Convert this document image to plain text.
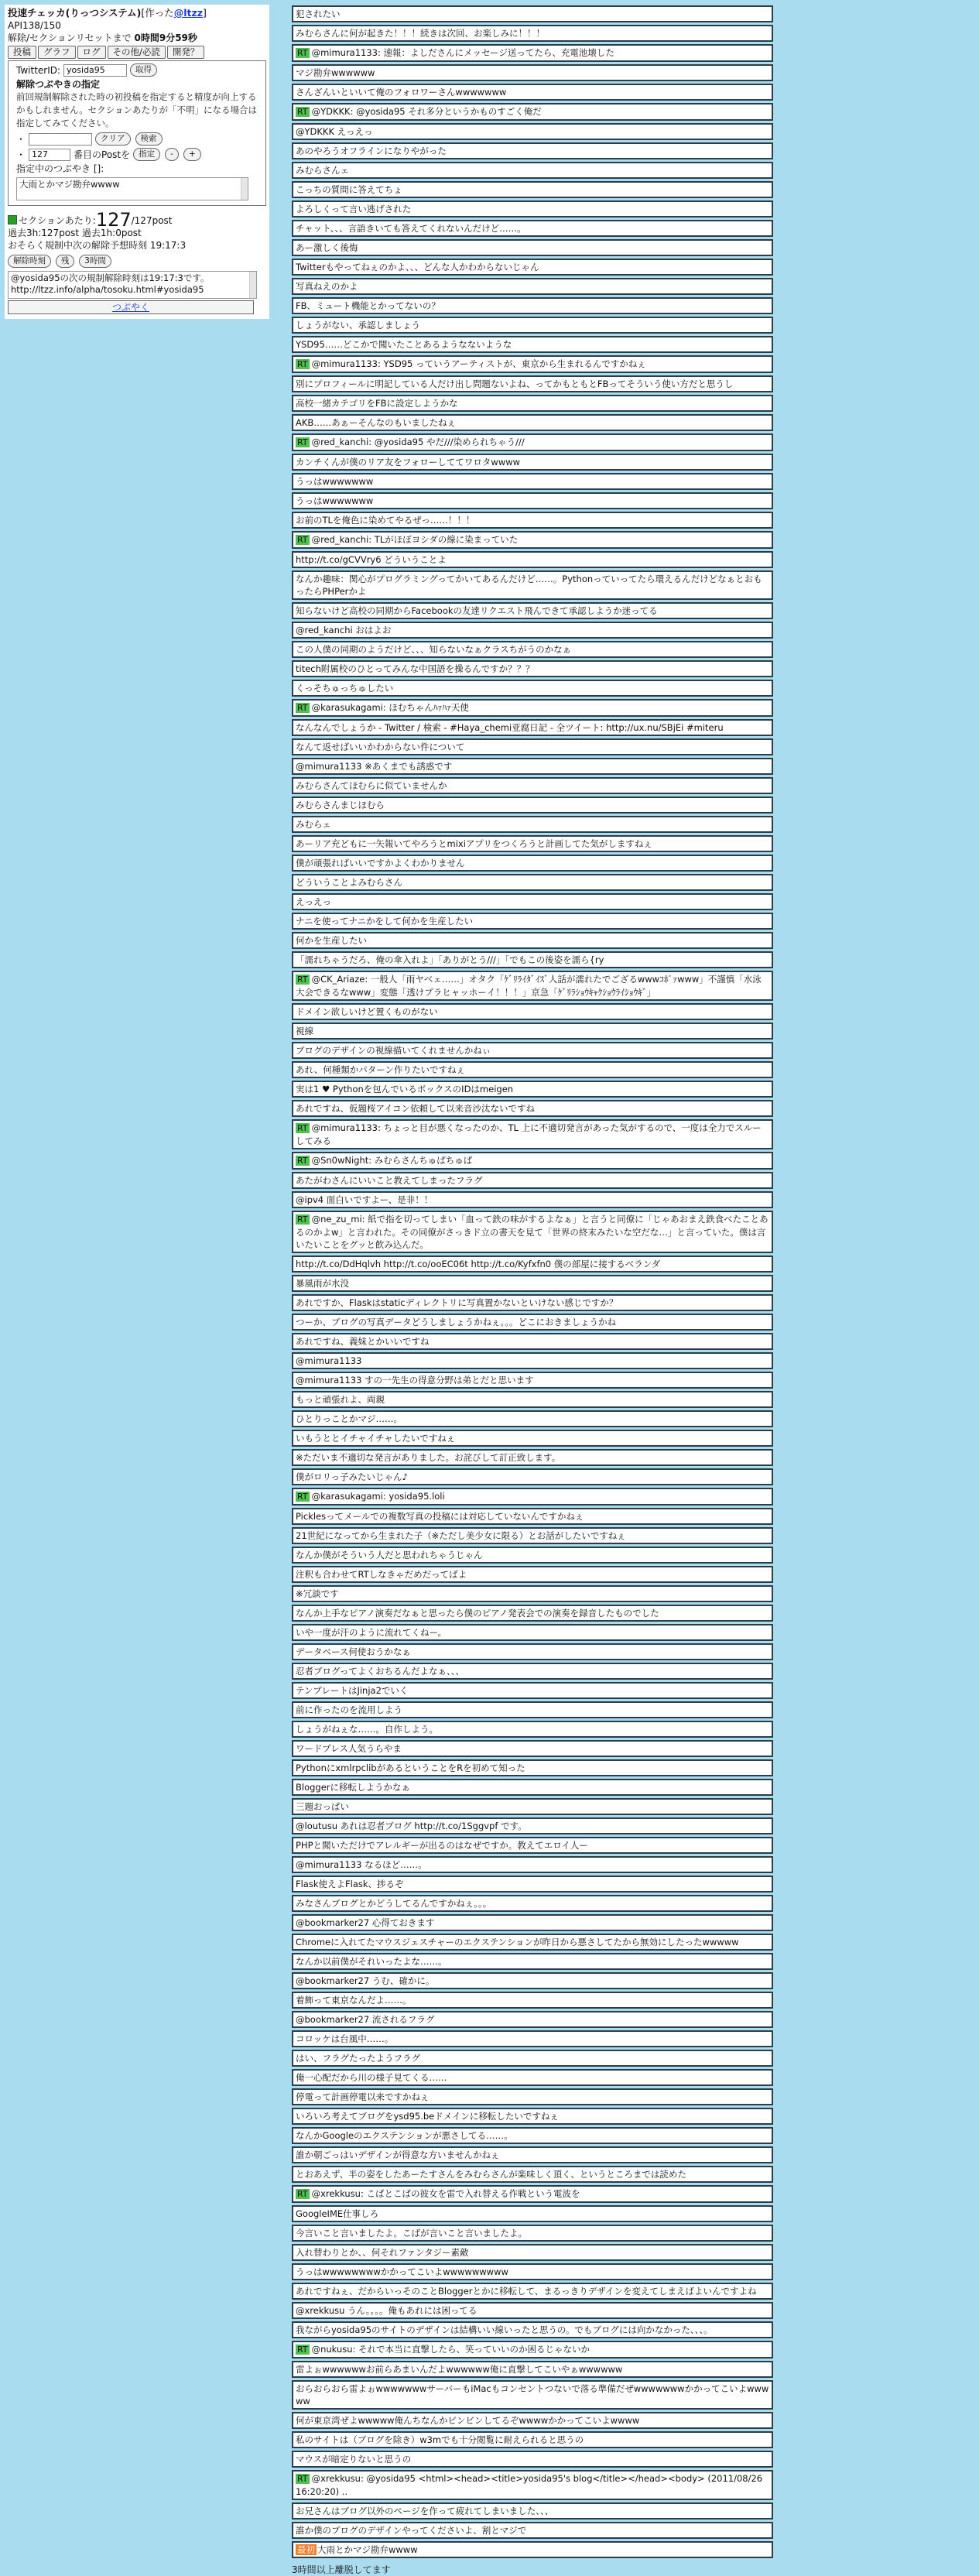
投速チェッカ(りっつシステム)[作った@ltzz]
API138/150
解除/セクションリセットまで 0時間9分59秒
投稿 グラフ ログ その他/必読 開発？
TwitterID: yosida95	取得
解除つぶやきの指定
前回規制解除された時の初投稿を指定すると精度が向上するかもしれません。セクションあたりが「不明」になる場合は指定してみてください。
・	クリア	検索
・ 127	番目のPostを	指定	-	+
指定中のつぶやき []:
大雨とかマジ勘弁wwww
セクションあたり:127/127post
過去3h:127post 過去1h:0post
おそらく規制中次の解除予想時刻 19:17:3
解除時刻 残 3時間
@yosida95の次の規制解除時刻は19:17:3です。 http://ltzz.info/alpha/tosoku.html#yosida95
つぶやく
犯されたい
みむらさんに何が起きた！！！続きは次回、お楽しみに！！！
RT @mimura1133: 速報：よしださんにメッセージ送ってたら、充電池壊した
マジ勘弁wwwwww
さんざんいといいて俺のフォロワーさんwwwwwww
RT @YDKKK: @yosida95 それ多分というかものすごく俺だ
@YDKKK えっえっ
あのやろうオフラインになりやがった
みむらさんェ
こっちの質問に答えてちょ
よろしくって言い逃げされた
チャット、、、言語きいても答えてくれないんだけど……。
あー激しく後悔
Twitterもやってねぇのかよ、、、どんな人かわからないじゃん
写真ねえのかよ
FB、ミュート機能とかってないの？
しょうがない、承認しましょう
YSD95……どこかで聞いたことあるようなないような
RT @mimura1133: YSD95 っていうアーティストが、東京から生まれるんですかねぇ
別にプロフィールに明記している人だけ出し問題ないよね、ってかもともとFBってそういう使い方だと思うし
高校一緒カテゴリをFBに設定しようかな
AKB……あぁーそんなのもいましたねぇ
RT @red_kanchi: @yosida95 やだ///染められちゃう///
カンチくんが僕のリア友をフォローしててワロタwwww
うっはwwwwwww
うっはwwwwwww
お前のTLを俺色に染めてやるぜっ……！！！
RT @red_kanchi: TLがほぼヨシダの線に染まっていた
http://t.co/gCVVry6 どういうことよ
なんか趣味：関心がプログラミングってかいてあるんだけど……。Pythonっていってたら環えるんだけどなぁとおもったらPHPerかよ
知らないけど高校の同期からFacebookの友達リクエスト飛んできて承認しようか迷ってる
@red_kanchi おはよお
この人僕の同期のようだけど、、、知らないなぁクラスちがうのかなぁ
titech附属校のひとってみんな中国語を操るんですか？？？
くっそちゅっちゅしたい
RT @karasukagami: ほむちゃんﾊｧﾊｧ天使
なんなんでしょうか - Twitter / 検索 - #Haya_chemi亚腐日記 - 全ツイート: http://ux.nu/SBjEi #miteru
なんて返せばいいかわからない件について
@mimura1133 ※あくまでも誘惑です
みむらさんてほむらに似ていませんか
みむらさんまじほむら
みむらェ
あーリア充どもに一矢報いてやろうとmixiアプリをつくろうと計画してた気がしますねぇ
僕が頑張ればいいですかよくわかりません
どういうことよみむらさん
えっえっ
ナニを使ってナニかをして何かを生産したい
何かを生産したい
「濡れちゃうだろ、俺の傘入れよ」「ありがとう///」「でもこの後姿を濡ら{ry
RT @CK_Ariaze: 一般人「雨ヤベェ……」オタク「ｹﾞﾘﾗｲﾀﾞｲｽﾞ人話が濡れたでござるwwwｺﾎﾟｧwww」不謹慎「水泳大会できるなwww」変態「透けブラヒャッホーイ！！！」京急「ｹﾞﾘﾗｼｮｳｷｬｸｼｮｳﾗｲｼｮｳｷﾞ」
ドメイン欲しいけど置くものがない
視線
ブログのデザインの視線描いてくれませんかねぃ
あれ、何種類かパターン作りたいですねぇ
実は1 ♥ Pythonを包んでいるボックスのIDはmeigen
あれですね、仮題桜アイコン依頼して以来音沙汰ないですね
RT @mimura1133: ちょっと目が悪くなったのか、TL 上に不適切発言があった気がするので、一度は全力でスルーしてみる
RT @Sn0wNight: みむらさんちゅぱちゅぱ
あたがわさんにいいこと教えてしまったフラグ
@ipv4 面白いですよー、是非！！
RT @ne_zu_mi: 紙で指を切ってしまい「血って鉄の味がするよなぁ」と言うと同僚に「じゃあおまえ鉄食べたことあるのかよw」と言われた。その同僚がさっきド立の書天を見て「世界の終末みたいな空だな…」と言っていた。僕は言いたいことをグッと飲み込んだ。
http://t.co/DdHqlvh http://t.co/ooEC06t http://t.co/Kyfxfn0 僕の部屋に接するベランダ
暴風雨が水没
あれですか、Flaskはstaticディレクトリに写真置かないといけない感じですか？
つーか、ブログの写真データどうしましょうかねぇ。。。どこにおきましょうかね
あれですね、義妹とかいいですね
@mimura1133
@mimura1133 すの一先生の得意分野は弟とだと思います
もっと頑張れよ、両親
ひとりっことかマジ……。
いもうととイチャイチャしたいですねぇ
※ただいま不適切な発言がありました。お詫びして訂正致します。
僕がロリっ子みたいじゃん♪
RT @karasukagami: yosida95.loli
Picklesってメールでの複数写真の投稿には対応していないんですかねぇ
21世紀になってから生まれた子（※ただし美少女に限る）とお話がしたいですねぇ
なんか僕がそういう人だと思われちゃうじゃん
注釈も合わせてRTしなきゃだめだってばよ
※冗談です
なんか上手なピアノ演奏だなぁと思ったら僕のピアノ発表会での演奏を録音したものでした
いや一度が汗のように流れてくねー。
データベース何使おうかなぁ
忍者ブログってよくおちるんだよなぁ、、、
テンプレートはJinja2でいく
前に作ったのを流用しよう
しょうがねぇな……。自作しよう。
ワードプレス人気うらやま
PythonにxmlrpclibがあるということをRを初めて知った
Bloggerに移転しようかなぁ
三題おっぱい
@loutusu あれは忍者ブログ http://t.co/1Sggvpf です。
PHPと聞いただけでアレルギーが出るのはなぜですか。教えてエロイ人ー
@mimura1133 なるほど……。
Flask使えよFlask、捗るぞ
みなさんブログとかどうしてるんですかねぇ。。。
@bookmarker27 心得ておきます
Chromeに入れてたマウスジェスチャーのエクステンションが昨日から悪さしてたから無効にしたったwwwww
なんか以前僕がそれいったよな……。
@bookmarker27 うむ、確かに。
着飾って東京なんだよ……。
@bookmarker27 流されるフラグ
コロッケは台風中……。
はい、フラグたったようフラグ
俺一心配だから川の様子見てくる……
停電って計画停電以来ですかねぇ
いろいろ考えてブログをysd95.beドメインに移転したいですねぇ
なんかGoogleのエクステンションが悪さしてる……。
誰か朝ごっはいデザインが得意な方いませんかねぇ
とおあえず、半の姿をしたあーたすさんをみむらさんが楽味しく頂く、というところまでは読めた
RT @xrekkusu: こばとこばの彼女を雷で入れ替える作戦という電波を
GoogleIME仕事しろ
今言いこと言いましたよ。こばが言いこと言いましたよ。
入れ替わりとか、、何それファンタジー素敵
うっはwwwwwwwwかかってこいよwwwwwwwww
あれですねぇ、だからいっそのことBloggerとかに移転して、まるっきりデザインを変えてしまえばよいんですよね
@xrekkusu うん。。。。俺もあれには困ってる
我ながらyosida95のサイトのデザインは結構いい線いったと思うの。でもブログには向かなかった、、、。
RT @nukusu: それで本当に直撃したら、笑っていいのか困るじゃないか
雷よぉwwwwwwお前らあまいんだよwwwwww俺に直撃してこいやぁwwwwww
おらおらおら雷よぉwwwwwwwサーバーもiMacもコンセントつないで落る準備だぜwwwwwwwかかってこいよwwwww
何が東京湾ぜよwwwww俺んちなんかビンビンしてるぞwwwwかかってこいよwwww
私のサイトは（ブログを除き）w3mでも十分閲覧に耐えられると思うの
マウスが暗定りないと思うの
RT @xrekkusu: @yosida95 <html><head><title>yosida95's blog</title></head><body> (2011/08/26 16:20:20) ..
お兄さんはブログ以外のページを作って疲れてしまいました、、、
誰か僕のブログのデザインやってくださいよ、割とマジで
最初 大雨とかマジ勘弁wwww
3時間以上離脱してます
